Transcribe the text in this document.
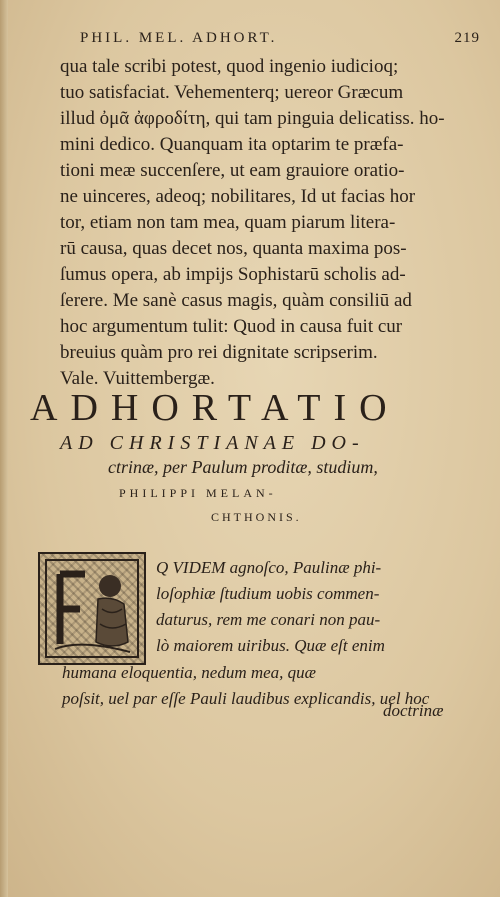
PHIL. MEL. ADHORT.	219
qua tale scribi potest, quod ingenio iudicioq;
tuo satisfaciat. Vehementerq; uereor Græcum
illud ὀμᾶ ἀφροδίτη, qui tam pinguia delicatiss. ho-
mini dedico. Quanquam ita optarim te præfa-
tioni meæ succenſere, ut eam grauiore oratio-
ne uinceres, adeoq; nobilitares, Id ut facias hor
tor, etiam non tam mea, quam piarum litera-
rū causa, quas decet nos, quanta maxima pos-
ſumus opera, ab impijs Sophistarū scholis ad-
ſerere. Me sanè casus magis, quàm consiliū ad
hoc argumentum tulit: Quod in causa fuit cur
breuius quàm pro rei dignitate scripserim.
Vale. Vuittembergæ.
ADHORTATIO
AD CHRISTIANAE DO-
ctrinæ, per Paulum proditæ, studium,
PHILIPPI MELAN-
CHTHONIS.
Q VIDEM agnoſco, Paulinæ phi-
loſophiæ ſtudium uobis commen-
daturus, rem me conari non pau-
lò maiorem uiribus. Quæ eſt enim
humana eloquentia, nedum mea, quæ
poſsit, uel par eſſe Pauli laudibus explicandis, uel hoc
doctrinæ
